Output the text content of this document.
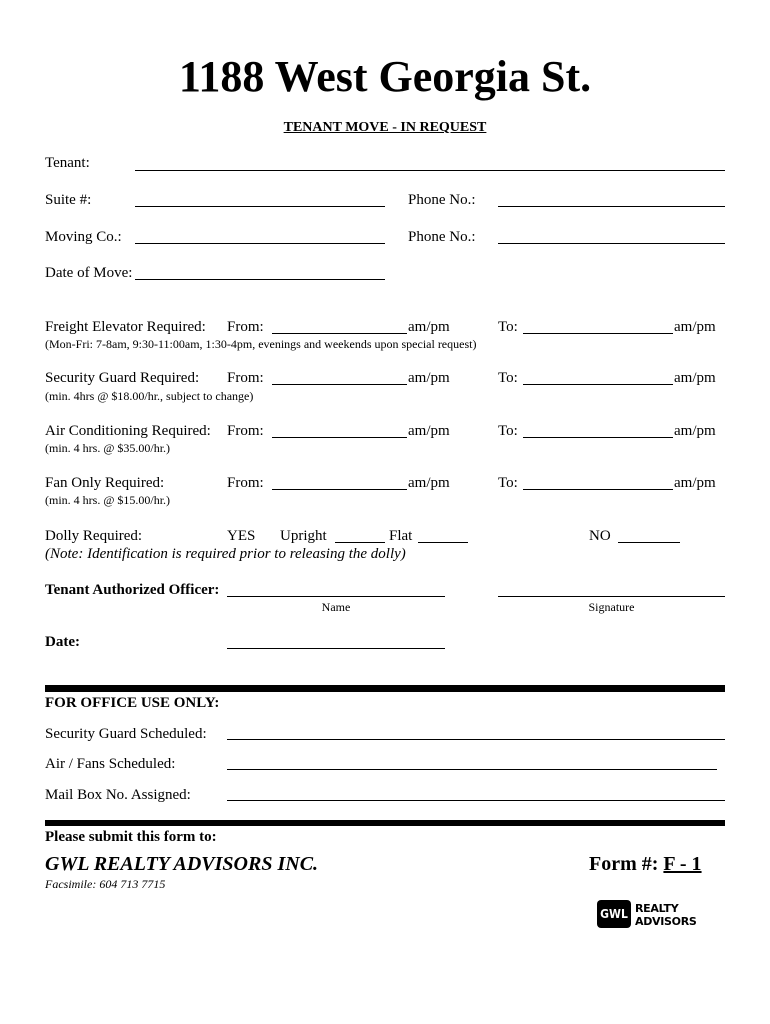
1188 West Georgia St.
TENANT MOVE - IN REQUEST
Tenant:
Suite #:	Phone No.:
Moving Co.:	Phone No.:
Date of Move:
Freight Elevator Required: From:	am/pm	To:	am/pm
(Mon-Fri: 7-8am, 9:30-11:00am, 1:30-4pm, evenings and weekends upon special request)
Security Guard Required: From:	am/pm	To:	am/pm
(min. 4hrs @ $18.00/hr., subject to change)
Air Conditioning Required: From:	am/pm	To:	am/pm
(min. 4 hrs. @ $35.00/hr.)
Fan Only Required:	From:	am/pm	To:	am/pm
(min. 4 hrs. @ $15.00/hr.)
Dolly Required:	YES Upright	Flat	NO
(Note: Identification is required prior to releasing the dolly)
Tenant Authorized Officer:
Name	Signature
Date:
FOR OFFICE USE ONLY:
Security Guard Scheduled:
Air / Fans Scheduled:
Mail Box No. Assigned:
Please submit this form to:
GWL REALTY ADVISORS INC.
Facsimile: 604 713 7715
Form #: F - 1
GWL REALTY
ADVISORS
